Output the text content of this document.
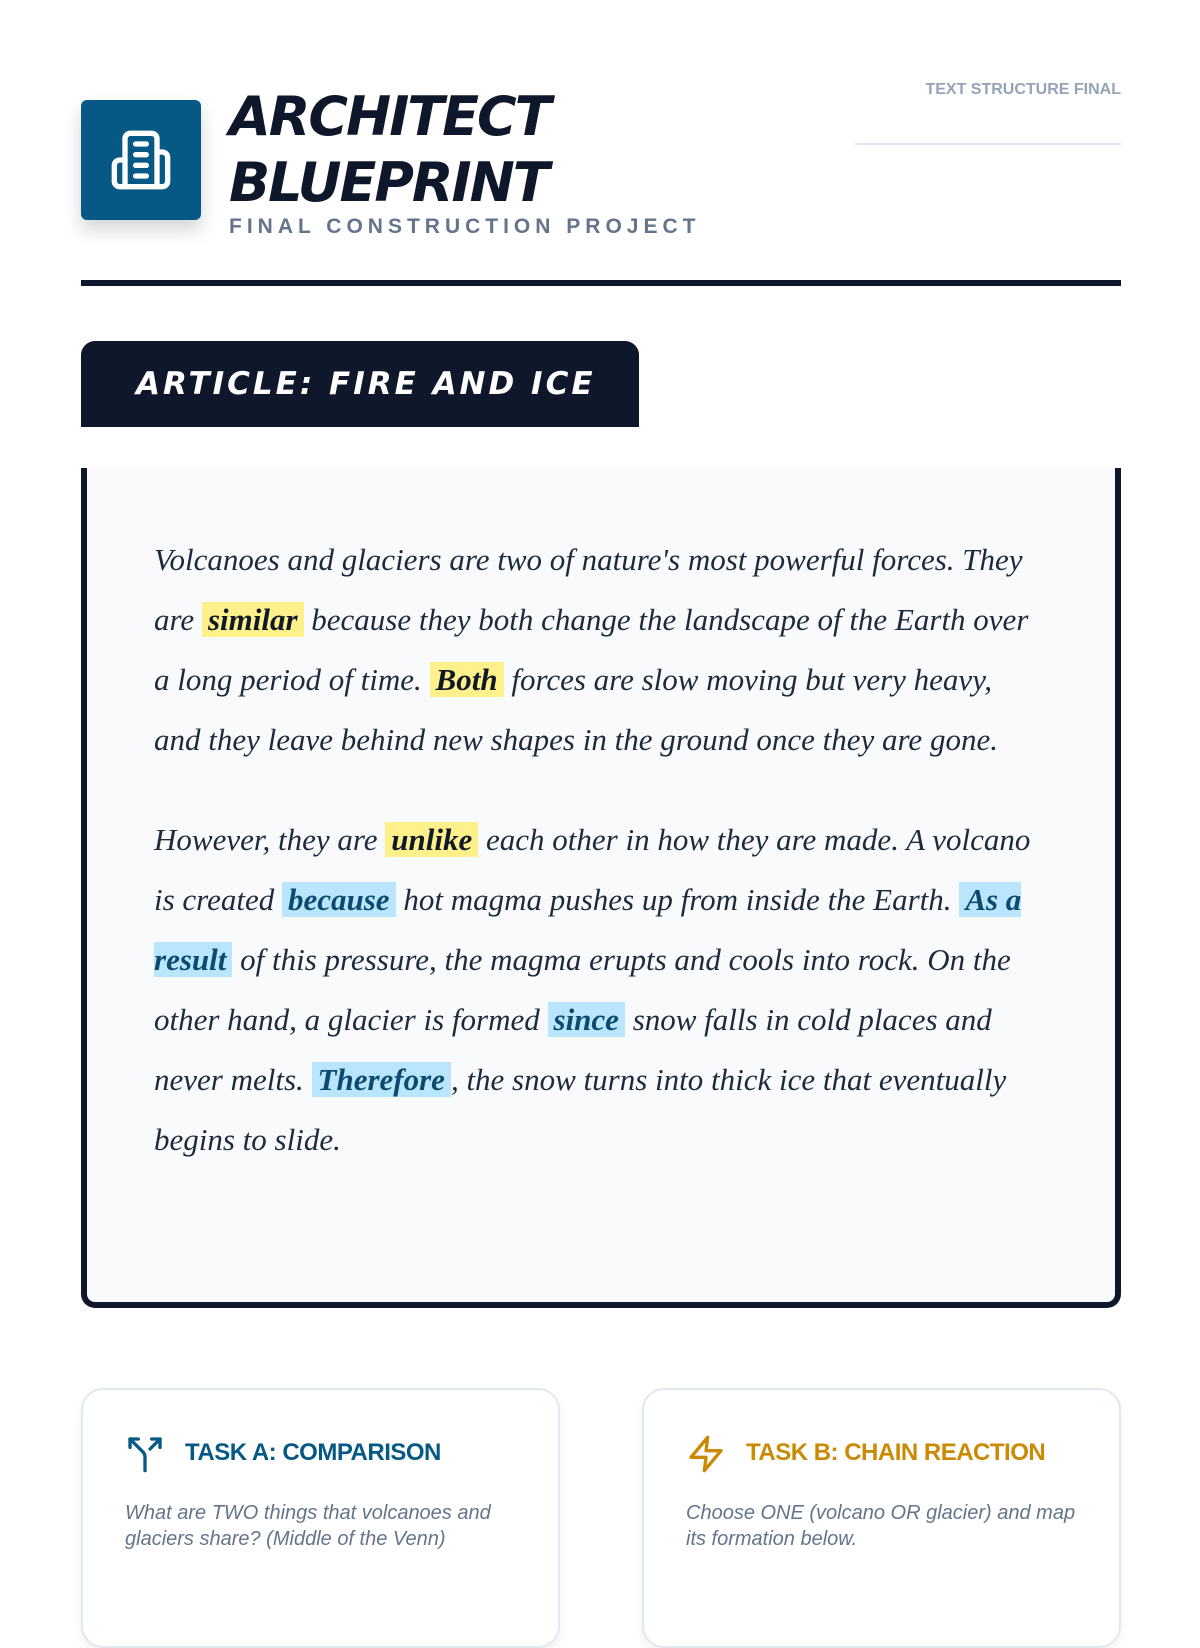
ARCHITECT
BLUEPRINT
FINAL CONSTRUCTION PROJECT
TEXT STRUCTURE FINAL
ARTICLE: FIRE AND ICE

Volcanoes and glaciers are two of nature's most powerful forces. They are similar because they both change the landscape of the Earth over a long period of time. Both forces are slow moving but very heavy, and they leave behind new shapes in the ground once they are gone.

However, they are unlike each other in how they are made. A volcano is created because hot magma pushes up from inside the Earth. As a result of this pressure, the magma erupts and cools into rock. On the other hand, a glacier is formed since snow falls in cold places and never melts. Therefore , the snow turns into thick ice that eventually begins to slide.

TASK A: COMPARISON
What are TWO things that volcanoes and glaciers share? (Middle of the Venn)
TASK B: CHAIN REACTION
Choose ONE (volcano OR glacier) and map its formation below.
